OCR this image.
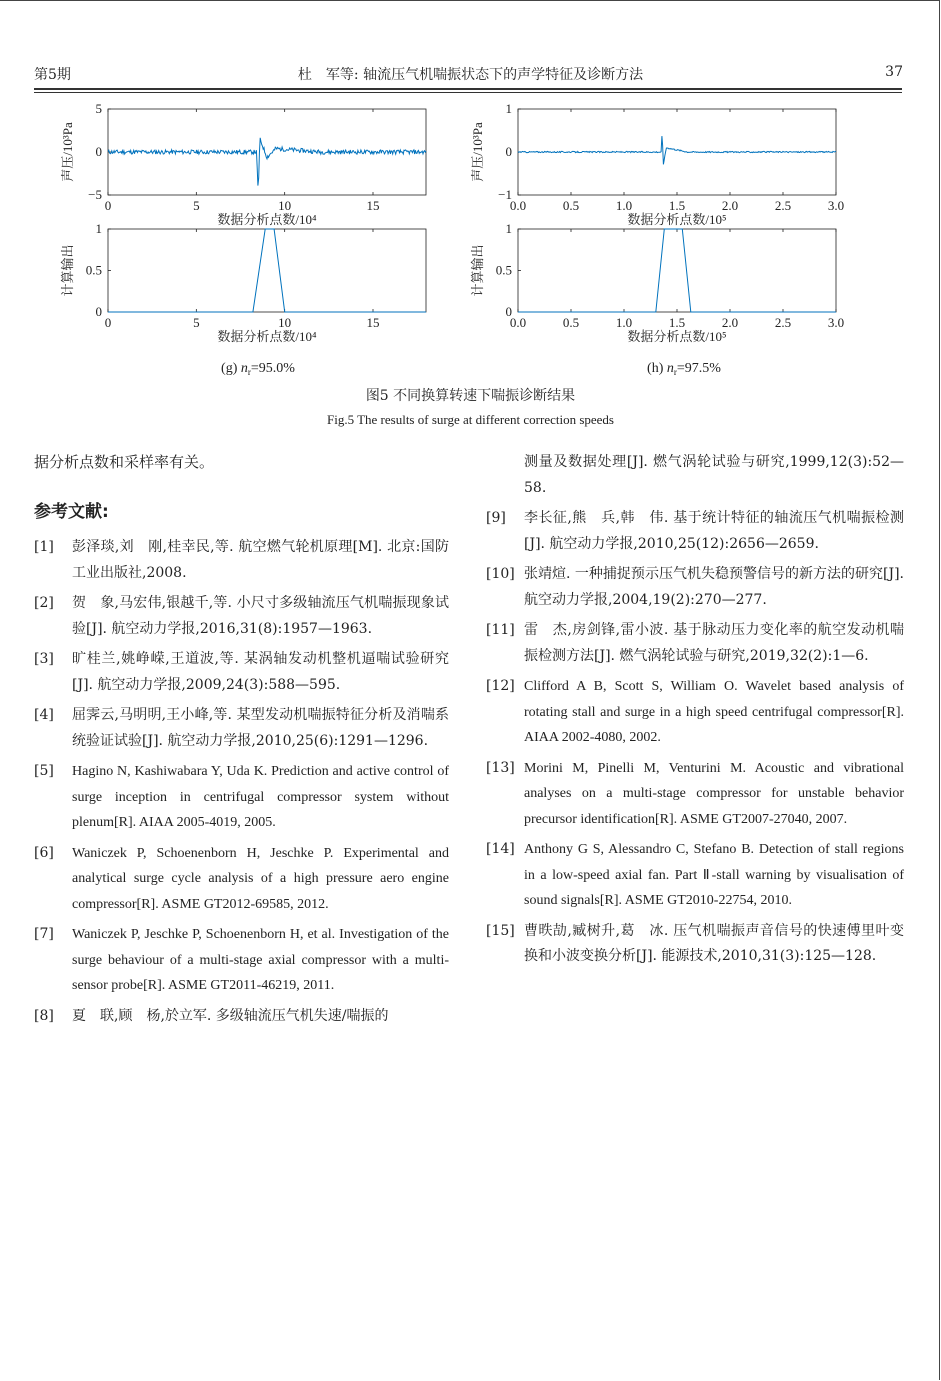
第5期	杜　军等: 轴流压气机喘振状态下的声学特征及诊断方法	37
0	5	10	15
−5
0
5
数据分析点数/10⁴
声压/10³Pa
0.0	0.5	1.0	1.5	2.0	2.5	3.0
−1
0
1
数据分析点数/10⁵
声压/10³Pa
0	5	10	15
0
0.5
1
数据分析点数/10⁴
计算输出
0.0	0.5	1.0	1.5	2.0	2.5	3.0
0
0.5
1
数据分析点数/10⁵
计算输出
(g) $n_r=95.0\%$	(h) $n_r=97.5\%$
图5 不同换算转速下喘振诊断结果
Fig.5 The results of surge at different correction speeds

据分析点数和采样率有关。

参考文献:

[1]	彭泽琰,刘　刚,桂幸民,等. 航空燃气轮机原理[M]. 北京:国防工业出版社,2008.
[2]	贺　象,马宏伟,银越千,等. 小尺寸多级轴流压气机喘振现象试验[J]. 航空动力学报,2016,31(8):1957—1963.
[3]	旷桂兰,姚峥嵘,王道波,等. 某涡轴发动机整机逼喘试验研究[J]. 航空动力学报,2009,24(3):588—595.
[4]	屈霁云,马明明,王小峰,等. 某型发动机喘振特征分析及消喘系统验证试验[J]. 航空动力学报,2010,25(6):1291—1296.
[5]	Hagino N, Kashiwabara Y, Uda K. Prediction and active control of surge inception in centrifugal compressor system without plenum[R]. AIAA 2005-4019, 2005.
[6]	Waniczek P, Schoenenborn H, Jeschke P. Experimental and analytical surge cycle analysis of a high pressure aero engine compressor[R]. ASME GT2012-69585, 2012.
[7]	Waniczek P, Jeschke P, Schoenenborn H, et al. Investigation of the surge behaviour of a multi-stage axial compressor with a multi-sensor probe[R]. ASME GT2011-46219, 2011.
[8]	夏　联,顾　杨,於立军. 多级轴流压气机失速/喘振的
测量及数据处理[J]. 燃气涡轮试验与研究,1999,12(3):52—58.
[9]	李长征,熊　兵,韩　伟. 基于统计特征的轴流压气机喘振检测[J]. 航空动力学报,2010,25(12):2656—2659.
[10] 张靖煊. 一种捕捉预示压气机失稳预警信号的新方法的研究[J]. 航空动力学报,2004,19(2):270—277.
[11] 雷　杰,房剑锋,雷小波. 基于脉动压力变化率的航空发动机喘振检测方法[J]. 燃气涡轮试验与研究,2019,32(2):1—6.
[12] Clifford A B, Scott S, William O. Wavelet based analysis of rotating stall and surge in a high speed centrifugal compressor[R]. AIAA 2002-4080, 2002.
[13] Morini M, Pinelli M, Venturini M. Acoustic and vibrational analyses on a multi-stage compressor for unstable behavior precursor identification[R]. ASME GT2007-27040, 2007.
[14] Anthony G S, Alessandro C, Stefano B. Detection of stall regions in a low-speed axial fan. Part Ⅱ-stall warning by visualisation of sound signals[R]. ASME GT2010-22754, 2010.
[15] 曹昳劼,臧树升,葛　冰. 压气机喘振声音信号的快速傅里叶变换和小波变换分析[J]. 能源技术,2010,31(3):125—128.
